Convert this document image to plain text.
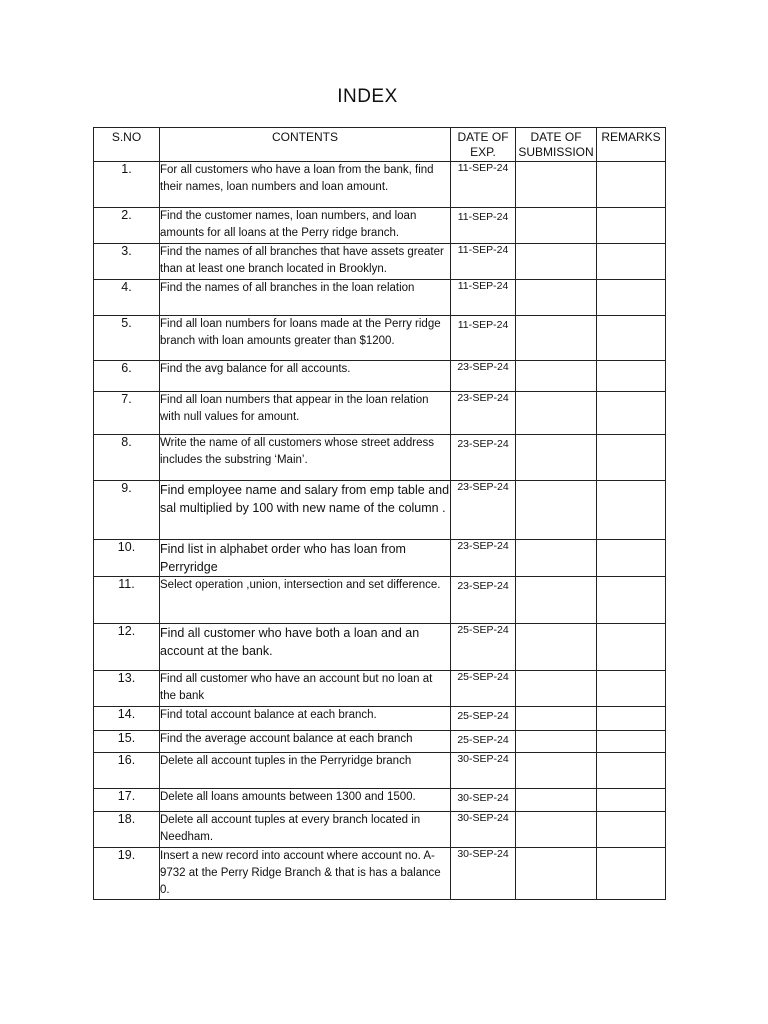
INDEX
S.NO	CONTENTS	DATE OF EXP.	DATE OF SUBMISSION	REMARKS
1.	For all customers who have a loan from the bank, find their names, loan numbers and loan amount.	11-SEP-24		
2.	Find the customer names, loan numbers, and loan amounts for all loans at the Perry ridge branch.	11-SEP-24		
3.	Find the names of all branches that have assets greater than at least one branch located in Brooklyn.	11-SEP-24		
4.	Find the names of all branches in the loan relation	11-SEP-24		
5.	Find all loan numbers for loans made at the Perry ridge branch with loan amounts greater than $1200.	11-SEP-24		
6.	Find the avg balance for all accounts.	23-SEP-24		
7.	Find all loan numbers that appear in the loan relation with null values for amount.	23-SEP-24		
8.	Write the name of all customers whose street address includes the substring ‘Main’.	23-SEP-24		
9.	Find employee name and salary from emp table and sal multiplied by 100 with new name of the column .	23-SEP-24		
10.	Find list in alphabet order who has loan from Perryridge	23-SEP-24		
11.	Select operation ,union, intersection and set difference.	23-SEP-24		
12.	Find all customer who have both a loan and an account at the bank.	25-SEP-24		
13.	Find all customer who have an account but no loan at the bank	25-SEP-24		
14.	Find total account balance at each branch.	25-SEP-24		
15.	Find the average account balance at each branch	25-SEP-24		
16.	Delete all account tuples in the Perryridge branch	30-SEP-24		
17.	Delete all loans amounts between 1300 and 1500.	30-SEP-24		
18.	Delete all account tuples at every branch located in Needham.	30-SEP-24		
19.	Insert a new record into account where account no. A-9732 at the Perry Ridge Branch & that is has a balance 0.	30-SEP-24		
